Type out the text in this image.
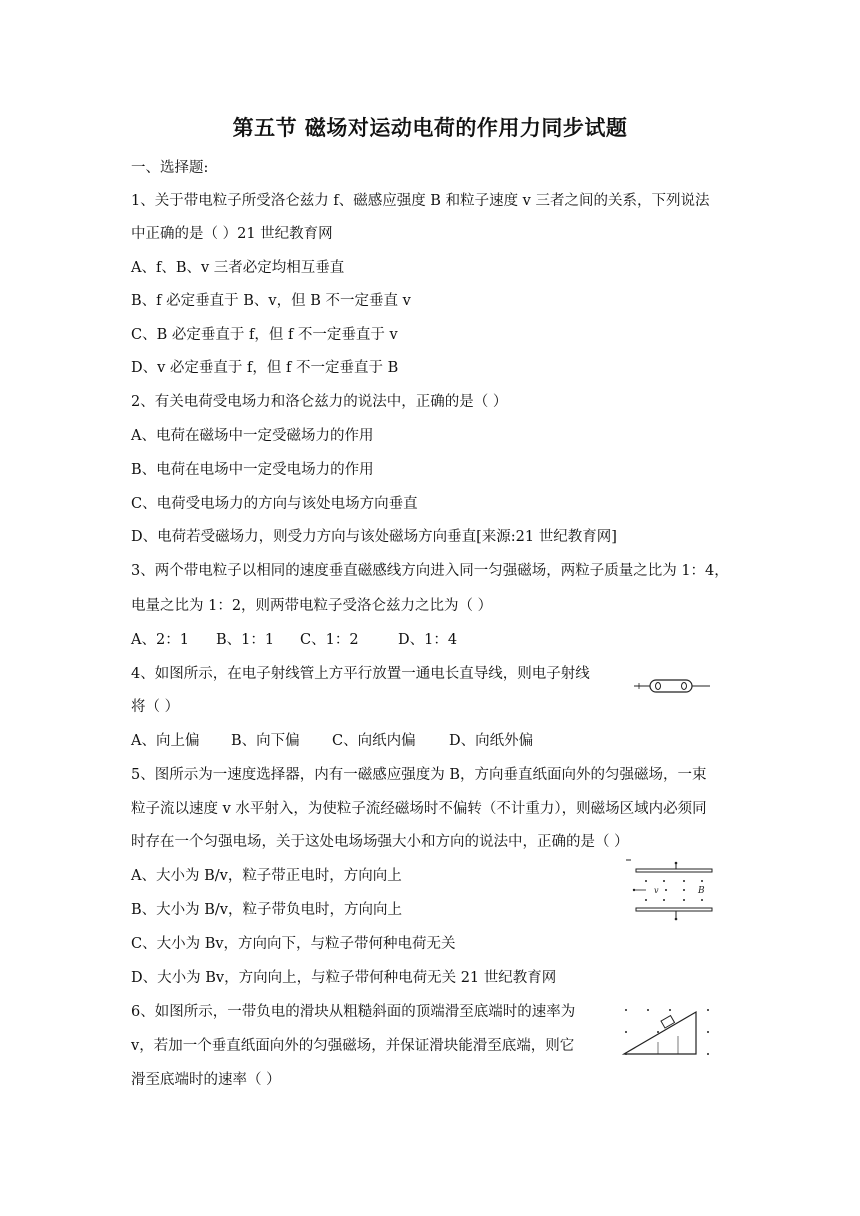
第五节 磁场对运动电荷的作用力同步试题
一、选择题:
1、关于带电粒子所受洛仑兹力 f、磁感应强度 B 和粒子速度 v 三者之间的关系，下列说法
中正确的是（ ）21 世纪教育网
A、f、B、v 三者必定均相互垂直
B、f 必定垂直于 B、v，但 B 不一定垂直 v
C、B 必定垂直于 f，但 f 不一定垂直于 v
D、v 必定垂直于 f，但 f 不一定垂直于 B
2、有关电荷受电场力和洛仑兹力的说法中，正确的是（ ）
A、电荷在磁场中一定受磁场力的作用
B、电荷在电场中一定受电场力的作用
C、电荷受电场力的方向与该处电场方向垂直
D、电荷若受磁场力，则受力方向与该处磁场方向垂直[来源:21 世纪教育网]
3、两个带电粒子以相同的速度垂直磁感线方向进入同一匀强磁场，两粒子质量之比为 1：4，
电量之比为 1：2，则两带电粒子受洛仑兹力之比为（ ）
A、2：1 B、1：1 C、1：2	D、1：4
4、如图所示，在电子射线管上方平行放置一通电长直导线，则电子射线
将（ ）
A、向上偏 B、向下偏 C、向纸内偏 D、向纸外偏
5、图所示为一速度选择器，内有一磁感应强度为 B，方向垂直纸面向外的匀强磁场，一束
粒子流以速度 v 水平射入，为使粒子流经磁场时不偏转（不计重力），则磁场区域内必须同
时存在一个匀强电场，关于这处电场场强大小和方向的说法中，正确的是（ ）
A、大小为 B/v，粒子带正电时，方向向上
B、大小为 B/v，粒子带负电时，方向向上
C、大小为 Bv，方向向下，与粒子带何种电荷无关
D、大小为 Bv，方向向上，与粒子带何种电荷无关 21 世纪教育网
v	B
6、如图所示，一带负电的滑块从粗糙斜面的顶端滑至底端时的速率为
v，若加一个垂直纸面向外的匀强磁场，并保证滑块能滑至底端，则它
滑至底端时的速率（ ）
